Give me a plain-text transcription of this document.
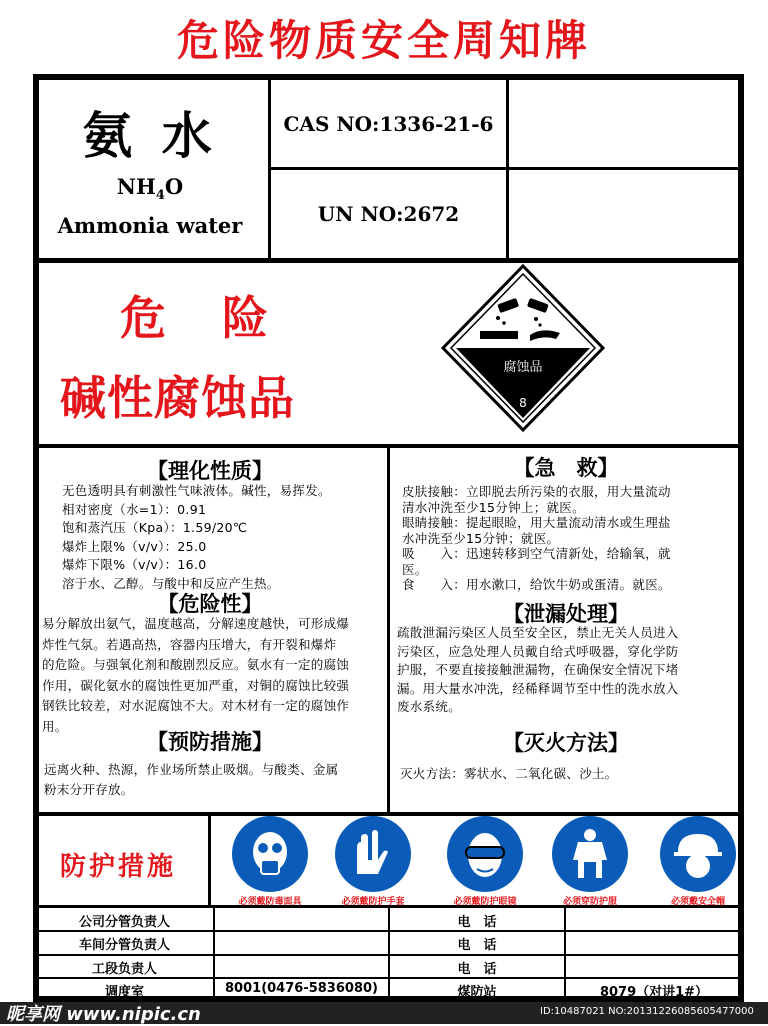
危险物质安全周知牌
氨 水
$NH_4O$
Ammonia water
CAS NO: 1336-21-6
UN NO: 2672
危 险
碱性腐蚀品
腐蚀品
8
【理化性质】
无色透明具有刺激性气味液体。碱性，易挥发。
相对密度（水=1）：0.91
饱和蒸汽压（Kpa）：1.59/20℃
爆炸上限%（v/v）：25.0
爆炸下限%（v/v）：16.0
溶于水、乙醇。与酸中和反应产生热。
【危险性】
易分解放出氨气，温度越高，分解速度越快，可形成爆
炸性气氛。若遇高热，容器内压增大，有开裂和爆炸
的危险。与强氧化剂和酸剧烈反应。氨水有一定的腐蚀
作用，碳化氨水的腐蚀性更加严重，对铜的腐蚀比较强
钢铁比较差，对水泥腐蚀不大。对木材有一定的腐蚀作
用。
【预防措施】
远离火种、热源，作业场所禁止吸烟。与酸类、金属
粉末分开存放。
【急　救】
皮肤接触：立即脱去所污染的衣服，用大量流动
清水冲洗至少15分钟上；就医。
眼睛接触：提起眼睑，用大量流动清水或生理盐
水冲洗至少15分钟；就医。
吸　　入：迅速转移到空气清新处，给输氧，就
医。
食　　入：用水漱口，给饮牛奶或蛋清。就医。
【泄漏处理】
疏散泄漏污染区人员至安全区，禁止无关人员进入
污染区，应急处理人员戴自给式呼吸器，穿化学防
护服，不要直接接触泄漏物，在确保安全情况下堵
漏。用大量水冲洗，经稀释调节至中性的洗水放入
废水系统。
【灭火方法】
灭火方法：雾状水、二氧化碳、沙土。
防护措施
必须戴防毒面具	必须戴防护手套	必须戴防护眼镜	必须穿防护服	必须戴安全帽
公司分管负责人	电　话
车间分管负责人	电　话
工段负责人	电　话
调度室	8001(0476-5836080)	煤防站	8079（对讲1#）
昵享网 www.nipic.cn	ID:10487021 NO:20131226085605477000
